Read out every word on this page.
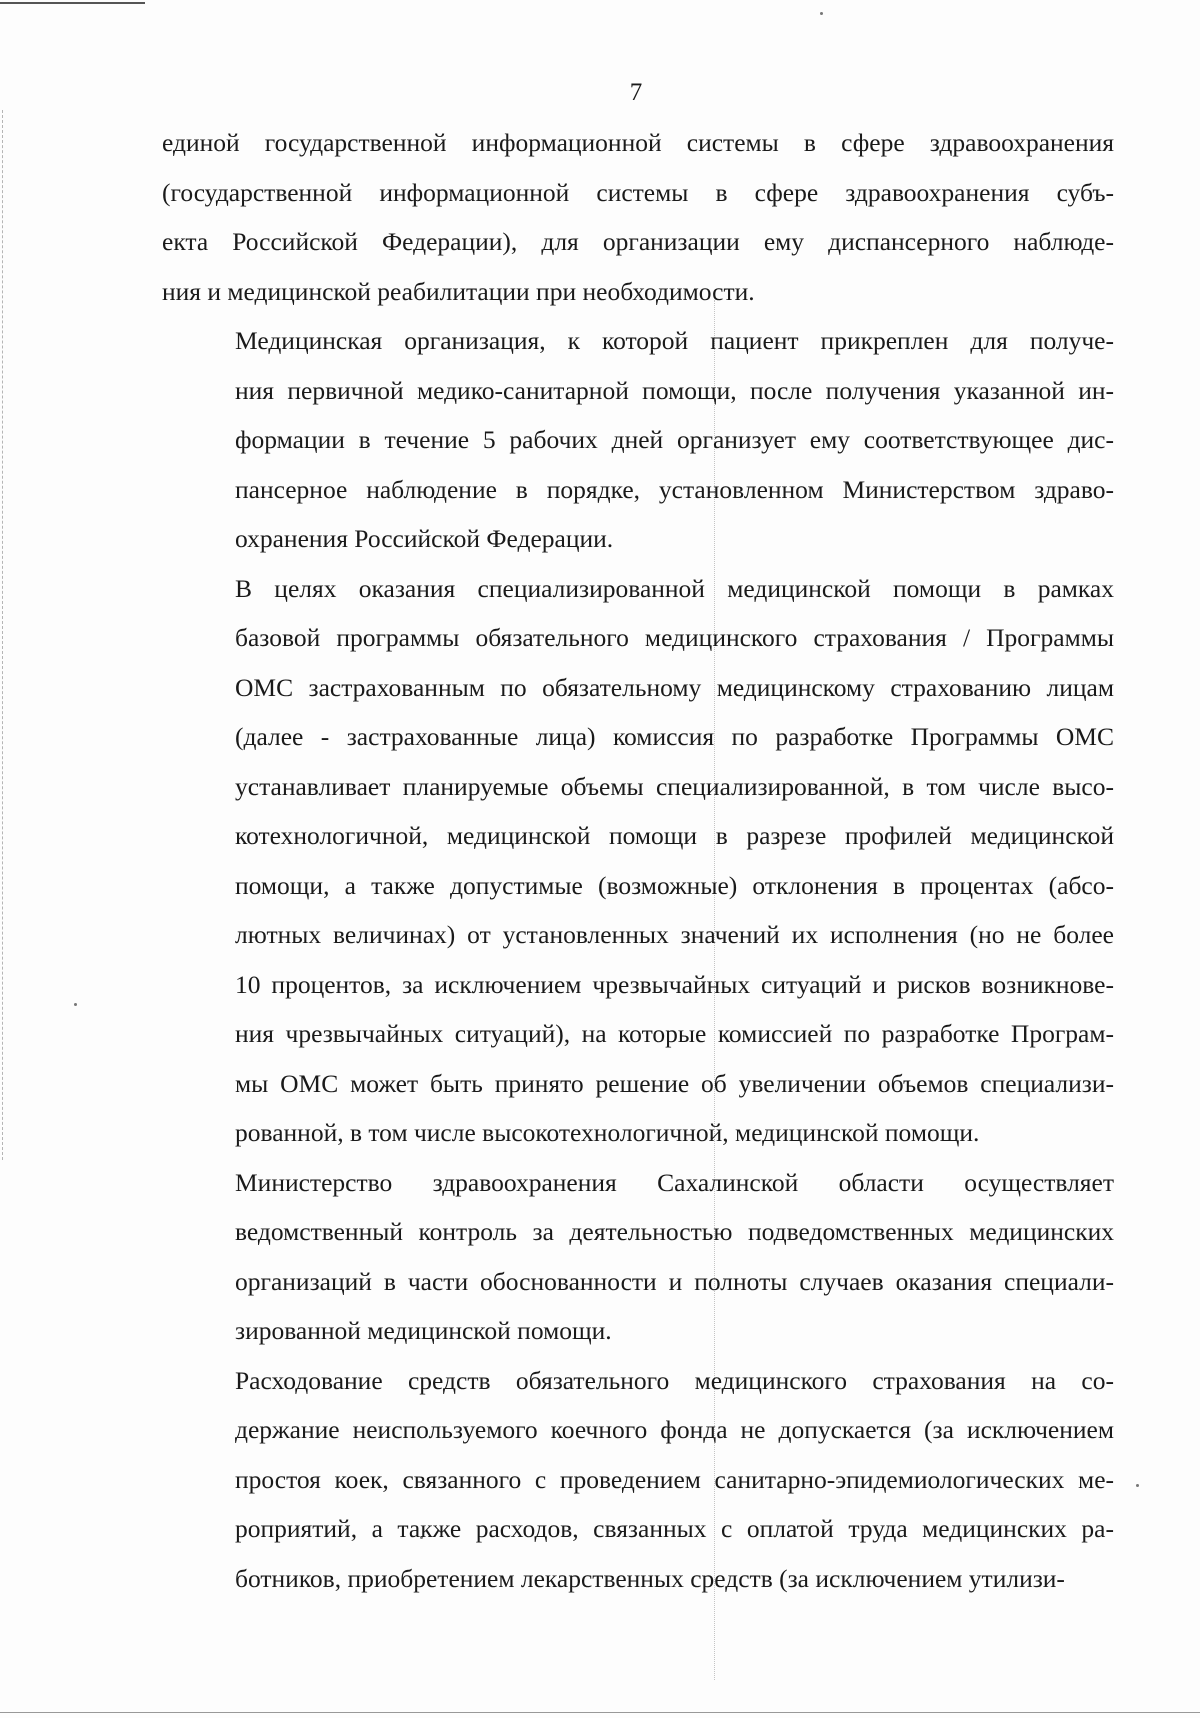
7

единой государственной информационной системы в сфере здравоохранения
(государственной информационной системы в сфере здравоохранения субъ-
екта Российской Федерации), для организации ему диспансерного наблюде-
ния и медицинской реабилитации при необходимости.

Медицинская организация, к которой пациент прикреплен для получе-
ния первичной медико-санитарной помощи, после получения указанной ин-
формации в течение 5 рабочих дней организует ему соответствующее дис-
пансерное наблюдение в порядке, установленном Министерством здраво-
охранения Российской Федерации.

В целях оказания специализированной медицинской помощи в рамках
базовой программы обязательного медицинского страхования / Программы
ОМС застрахованным по обязательному медицинскому страхованию лицам
(далее - застрахованные лица) комиссия по разработке Программы ОМС
устанавливает планируемые объемы специализированной, в том числе высо-
котехнологичной, медицинской помощи в разрезе профилей медицинской
помощи, а также допустимые (возможные) отклонения в процентах (абсо-
лютных величинах) от установленных значений их исполнения (но не более
10 процентов, за исключением чрезвычайных ситуаций и рисков возникнове-
ния чрезвычайных ситуаций), на которые комиссией по разработке Програм-
мы ОМС может быть принято решение об увеличении объемов специализи-
рованной, в том числе высокотехнологичной, медицинской помощи.

Министерство здравоохранения Сахалинской области осуществляет
ведомственный контроль за деятельностью подведомственных медицинских
организаций в части обоснованности и полноты случаев оказания специали-
зированной медицинской помощи.

Расходование средств обязательного медицинского страхования на со-
держание неиспользуемого коечного фонда не допускается (за исключением
простоя коек, связанного с проведением санитарно-эпидемиологических ме-
роприятий, а также расходов, связанных с оплатой труда медицинских ра-
ботников, приобретением лекарственных средств (за исключением утилизи-
